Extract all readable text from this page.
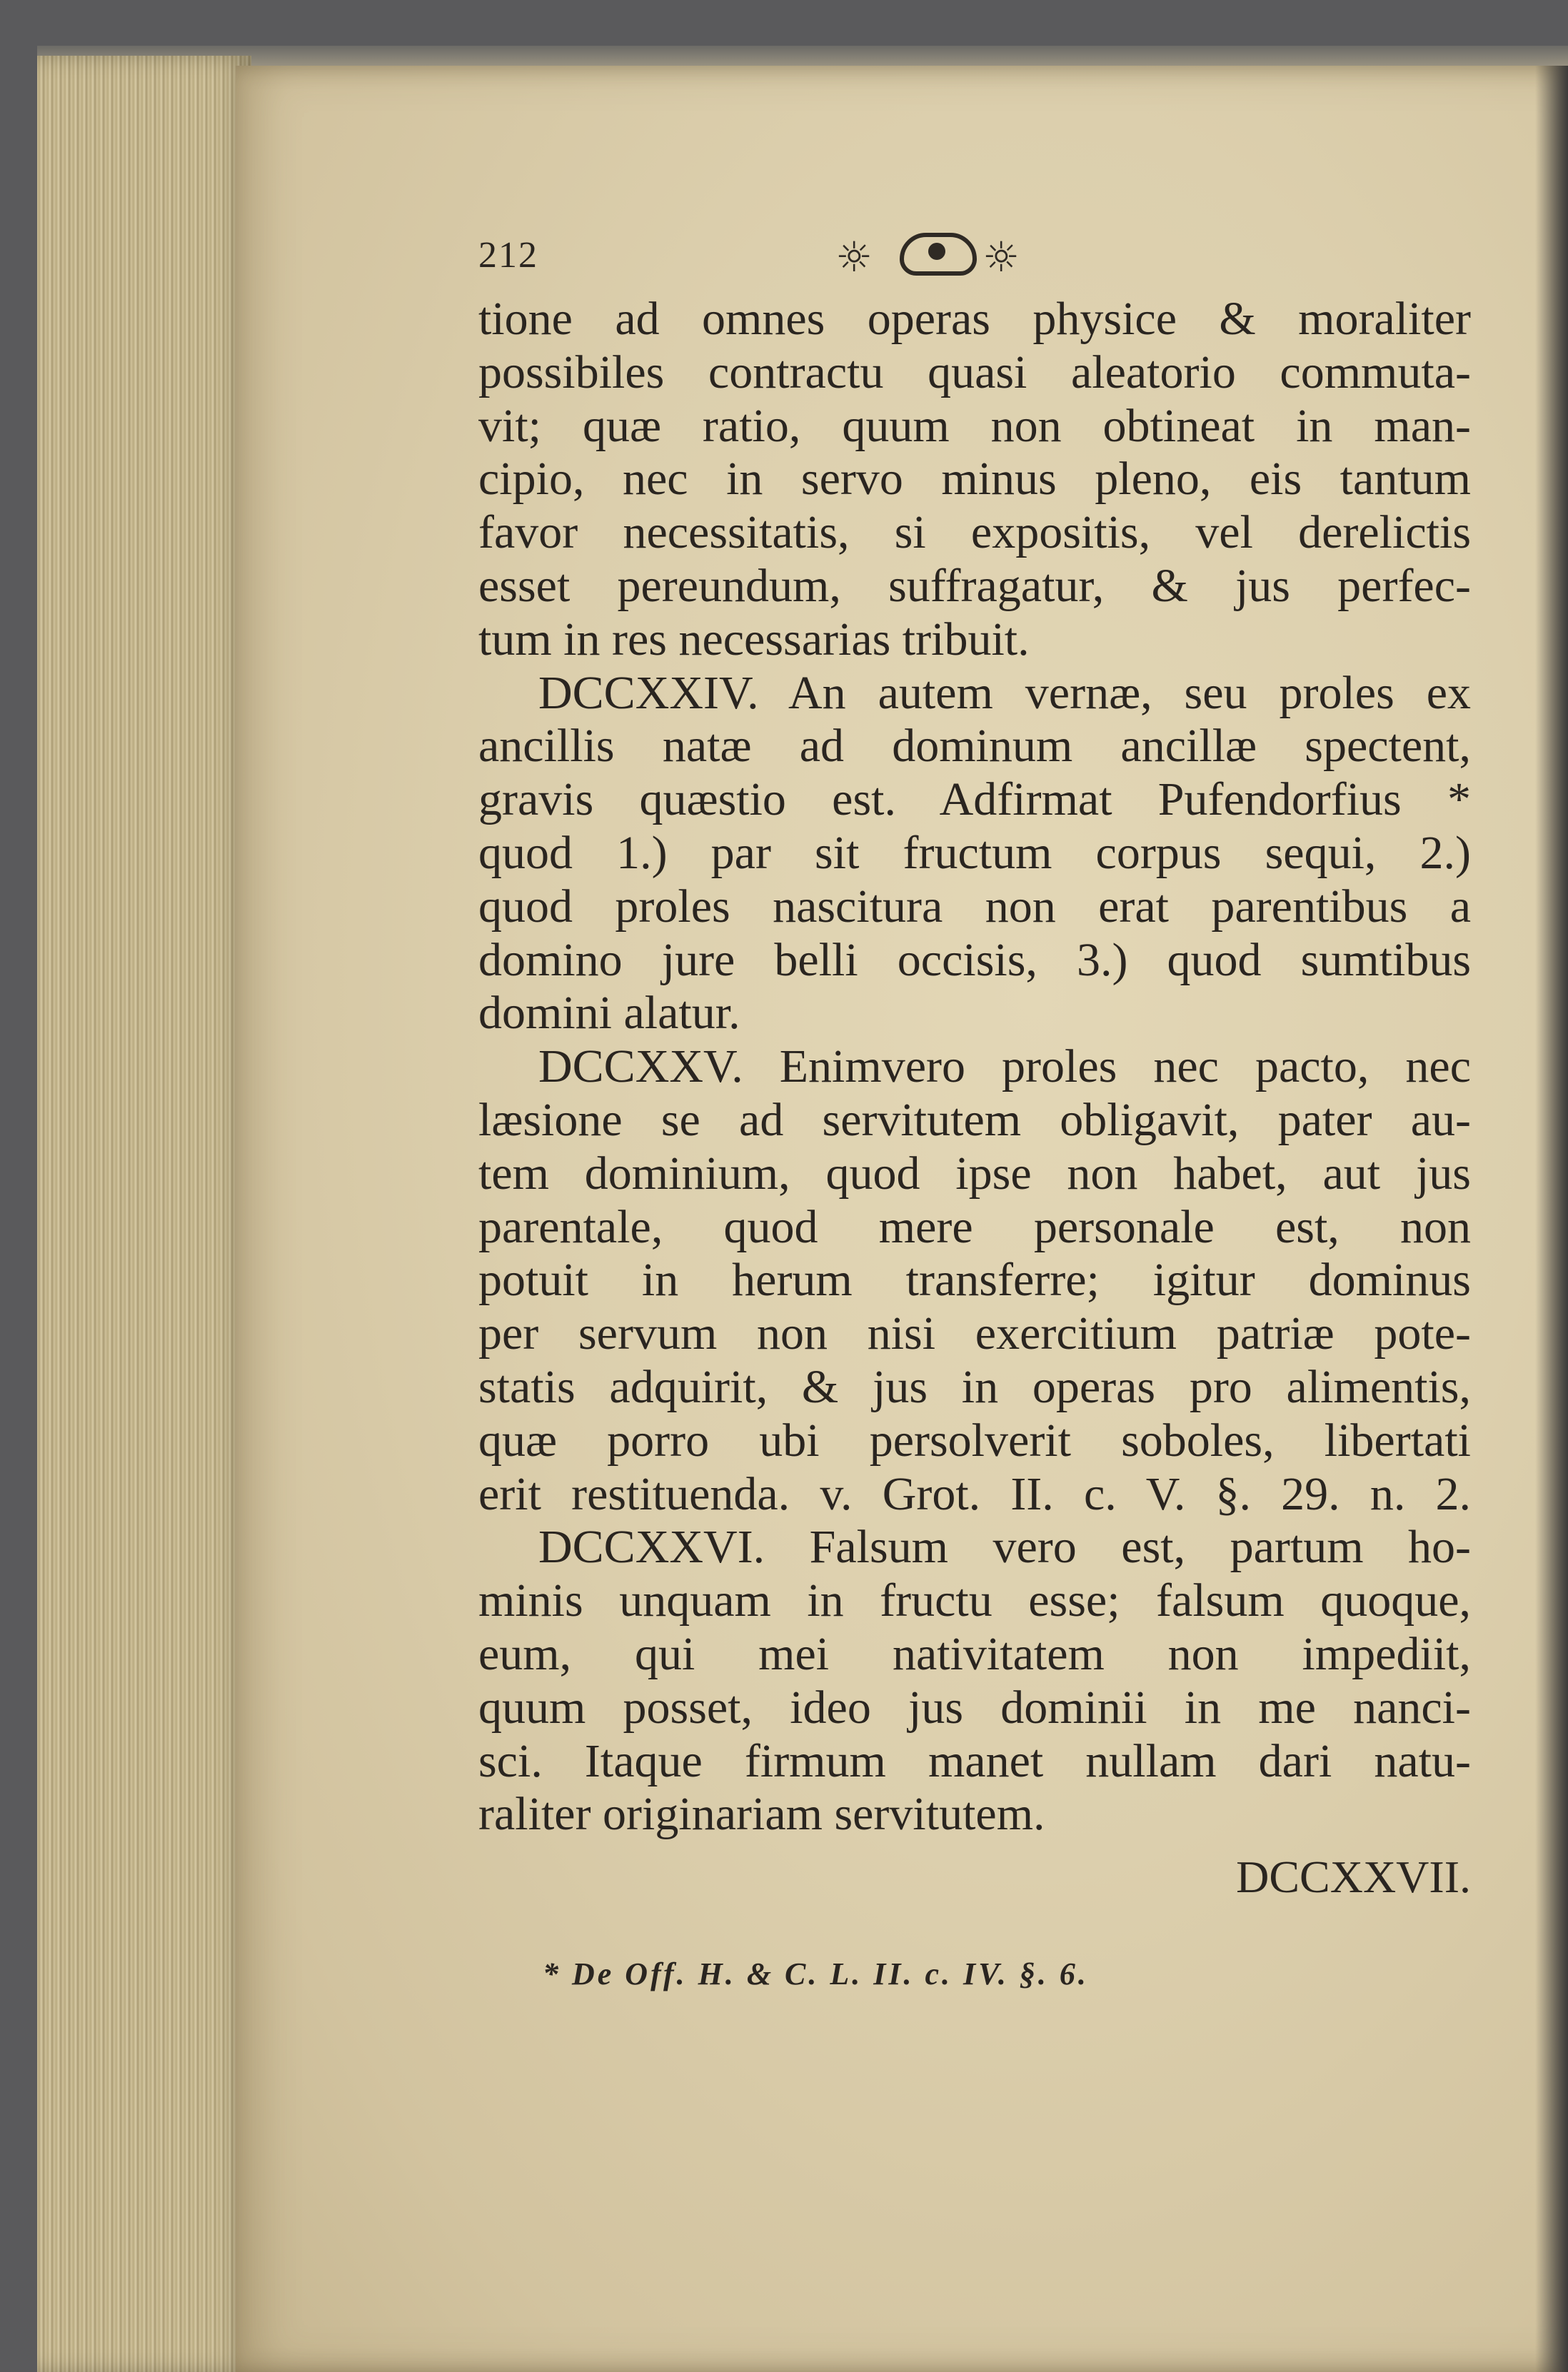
212	☼ ☼
tione ad omnes operas physice & moraliter
possibiles contractu quasi aleatorio commuta-
vit; quæ ratio, quum non obtineat in man-
cipio, nec in servo minus pleno, eis tantum
favor necessitatis, si expositis, vel derelictis
esset pereundum, suffragatur, & jus perfec-
tum in res necessarias tribuit.
DCCXXIV. An autem vernæ, seu proles ex
ancillis natæ ad dominum ancillæ spectent,
gravis quæstio est. Adfirmat Pufendorfius *
quod 1.) par sit fructum corpus sequi, 2.)
quod proles nascitura non erat parentibus a
domino jure belli occisis, 3.) quod sumtibus
domini alatur.
DCCXXV. Enimvero proles nec pacto, nec
læsione se ad servitutem obligavit, pater au-
tem dominium, quod ipse non habet, aut jus
parentale, quod mere personale est, non
potuit in herum transferre; igitur dominus
per servum non nisi exercitium patriæ pote-
statis adquirit, & jus in operas pro alimentis,
quæ porro ubi persolverit soboles, libertati
erit restituenda. v. Grot. II. c. V. §. 29. n. 2.
DCCXXVI. Falsum vero est, partum ho-
minis unquam in fructu esse; falsum quoque,
eum, qui mei nativitatem non impediit,
quum posset, ideo jus dominii in me nanci-
sci. Itaque firmum manet nullam dari natu-
raliter originariam servitutem.
DCCXXVII.
* De Off. H. & C. L. II. c. IV. §. 6.
